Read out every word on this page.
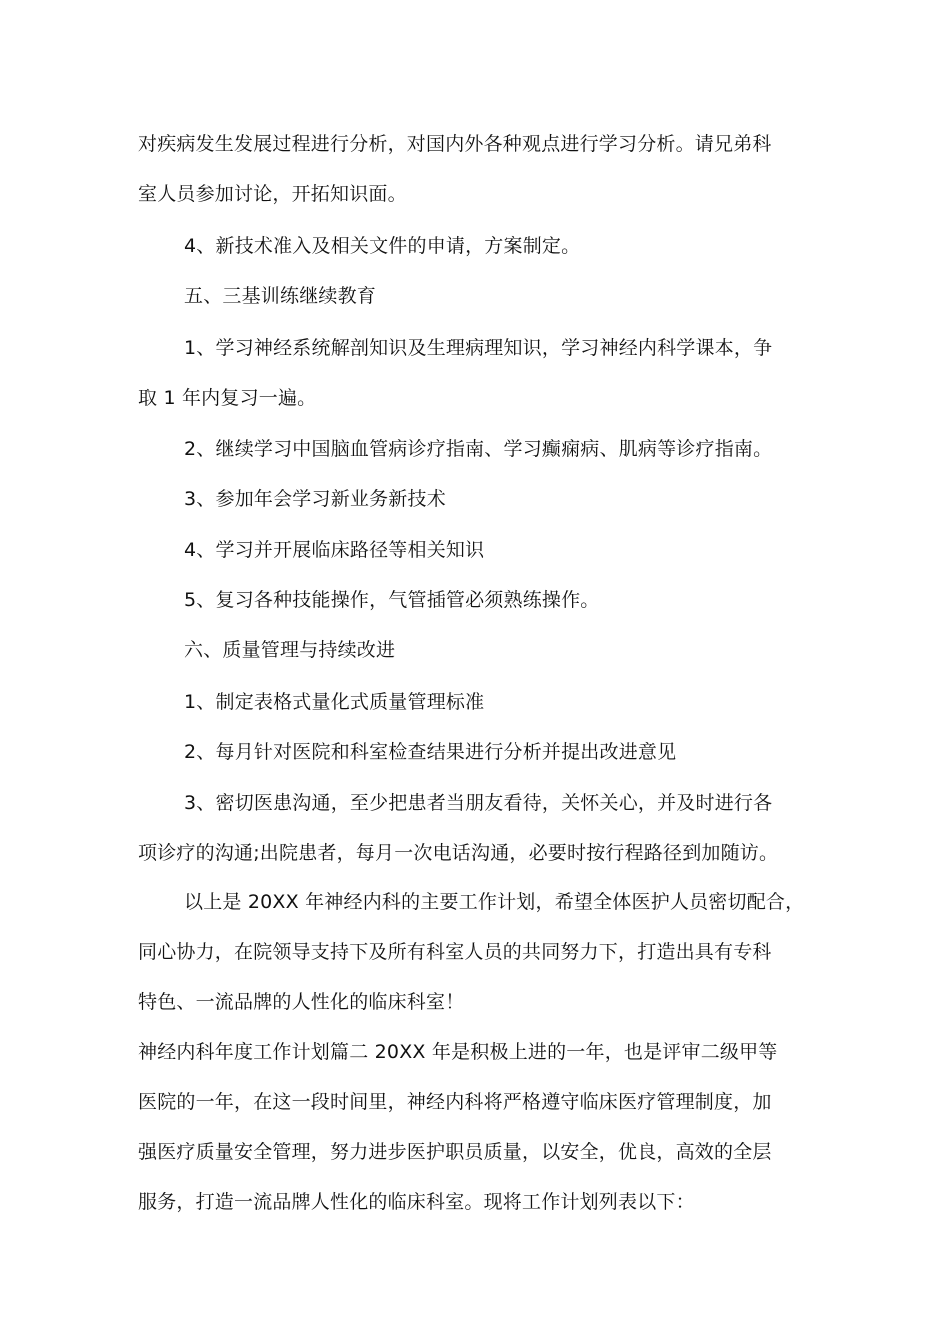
对疾病发生发展过程进行分析，对国内外各种观点进行学习分析。请兄弟科
室人员参加讨论，开拓知识面。
4、新技术准入及相关文件的申请，方案制定。
五、三基训练继续教育
1、学习神经系统解剖知识及生理病理知识，学习神经内科学课本，争
取 1 年内复习一遍。
2、继续学习中国脑血管病诊疗指南、学习癫痫病、肌病等诊疗指南。
3、参加年会学习新业务新技术
4、学习并开展临床路径等相关知识
5、复习各种技能操作，气管插管必须熟练操作。
六、质量管理与持续改进
1、制定表格式量化式质量管理标准
2、每月针对医院和科室检查结果进行分析并提出改进意见
3、密切医患沟通，至少把患者当朋友看待，关怀关心，并及时进行各
项诊疗的沟通;出院患者，每月一次电话沟通，必要时按行程路径到加随访。
以上是 20XX 年神经内科的主要工作计划，希望全体医护人员密切配合，
同心协力，在院领导支持下及所有科室人员的共同努力下，打造出具有专科
特色、一流品牌的人性化的临床科室！
神经内科年度工作计划篇二 20XX 年是积极上进的一年，也是评审二级甲等
医院的一年，在这一段时间里，神经内科将严格遵守临床医疗管理制度，加
强医疗质量安全管理，努力进步医护职员质量，以安全，优良，高效的全层
服务，打造一流品牌人性化的临床科室。现将工作计划列表以下：
